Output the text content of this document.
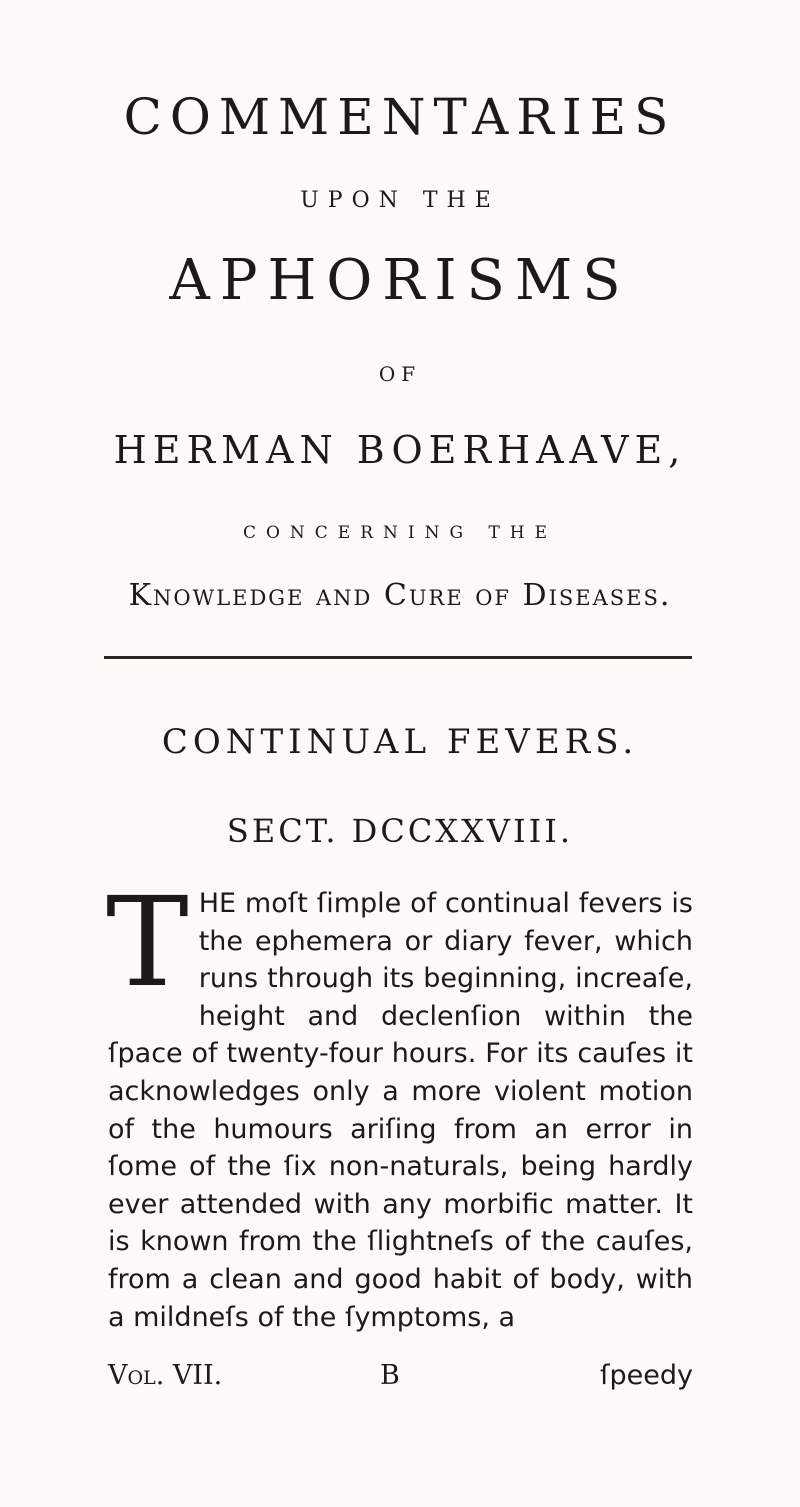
COMMENTARIES
UPON THE
APHORISMS
OF
HERMAN BOERHAAVE,
CONCERNING THE
Knowledge and Cure of Diseases.
CONTINUAL FEVERS.
SECT. DCCXXVIII.

THE moſt ſimple of continual fevers is the ephemera or diary fever, which runs through its beginning, increaſe, height and declenſion within the ſpace of twenty-four hours. For its cauſes it acknowledges only a more violent motion of the humours ariſing from an error in ſome of the ſix non-naturals, being hardly ever attended with any morbific matter. It is known from the ſlightneſs of the cauſes, from a clean and good habit of body, with a mildneſs of the ſymptoms, a

Vol. VII.	B	ſpeedy
